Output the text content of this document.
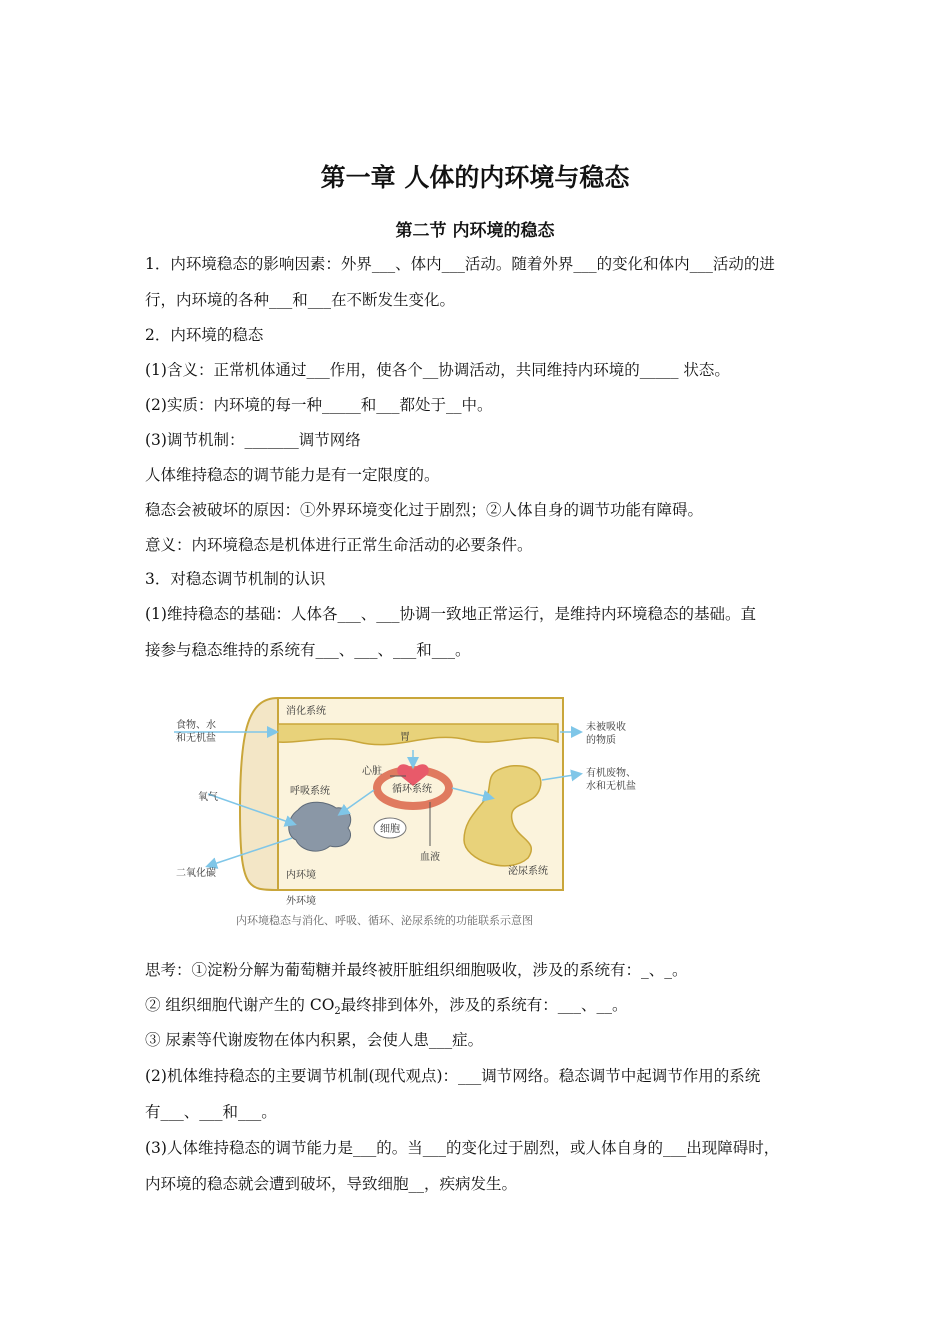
第一章 人体的内环境与稳态
第二节 内环境的稳态
1．内环境稳态的影响因素：外界___、体内___活动。随着外界___的变化和体内___活动的进
行，内环境的各种___和___在不断发生变化。
2．内环境的稳态
(1)含义：正常机体通过___作用，使各个__协调活动，共同维持内环境的_____ 状态。
(2)实质：内环境的每一种_____和___都处于__中。
(3)调节机制：_______调节网络
人体维持稳态的调节能力是有一定限度的。
稳态会被破坏的原因：①外界环境变化过于剧烈；②人体自身的调节功能有障碍。
意义：内环境稳态是机体进行正常生命活动的必要条件。
3．对稳态调节机制的认识
(1)维持稳态的基础：人体各___、___协调一致地正常运行，是维持内环境稳态的基础。直
接参与稳态维持的系统有___、___、___和___。
食物、水
和无机盐
氧气
二氧化碳
消化系统
胃
心脏
呼吸系统	循环系统
细胞
血液
泌尿系统
内环境
外环境
未被吸收
的物质
有机废物、
水和无机盐
内环境稳态与消化、呼吸、循环、泌尿系统的功能联系示意图
思考：①淀粉分解为葡萄糖并最终被肝脏组织细胞吸收，涉及的系统有：_、_。
② 组织细胞代谢产生的 $CO_2$最终排到体外，涉及的系统有：___、__。
③ 尿素等代谢废物在体内积累，会使人患___症。
(2)机体维持稳态的主要调节机制(现代观点)：___调节网络。稳态调节中起调节作用的系统
有___、___和___。
(3)人体维持稳态的调节能力是___的。当___的变化过于剧烈，或人体自身的___出现障碍时，
内环境的稳态就会遭到破坏，导致细胞__，疾病发生。
